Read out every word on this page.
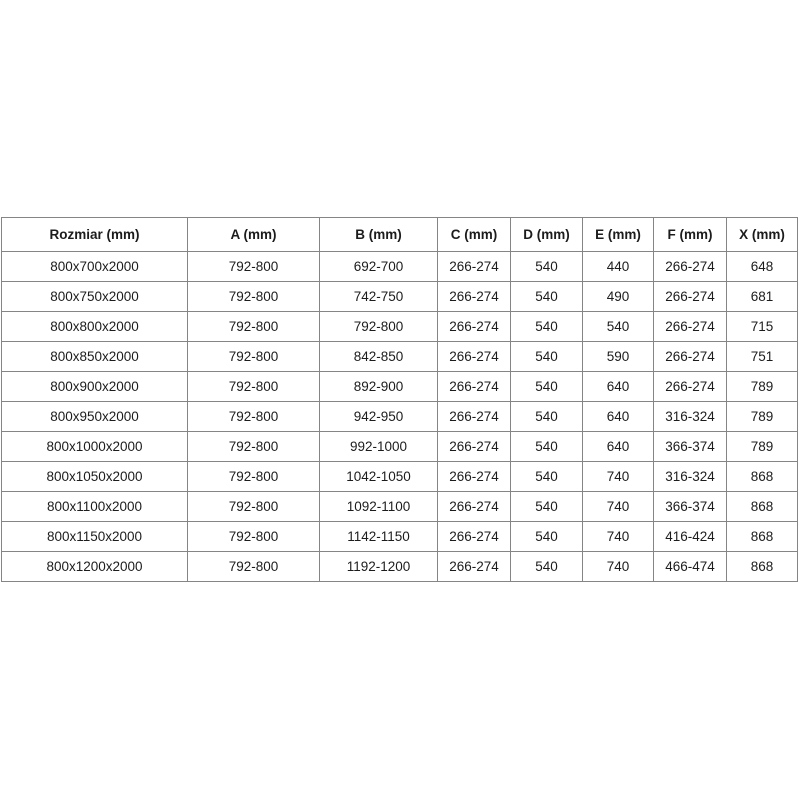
Rozmiar (mm)	A (mm)	B (mm)	C (mm)	D (mm)	E (mm)	F (mm)	X (mm)
800x700x2000	792-800	692-700	266-274	540	440	266-274	648
800x750x2000	792-800	742-750	266-274	540	490	266-274	681
800x800x2000	792-800	792-800	266-274	540	540	266-274	715
800x850x2000	792-800	842-850	266-274	540	590	266-274	751
800x900x2000	792-800	892-900	266-274	540	640	266-274	789
800x950x2000	792-800	942-950	266-274	540	640	316-324	789
800x1000x2000	792-800	992-1000	266-274	540	640	366-374	789
800x1050x2000	792-800	1042-1050	266-274	540	740	316-324	868
800x1100x2000	792-800	1092-1100	266-274	540	740	366-374	868
800x1150x2000	792-800	1142-1150	266-274	540	740	416-424	868
800x1200x2000	792-800	1192-1200	266-274	540	740	466-474	868
